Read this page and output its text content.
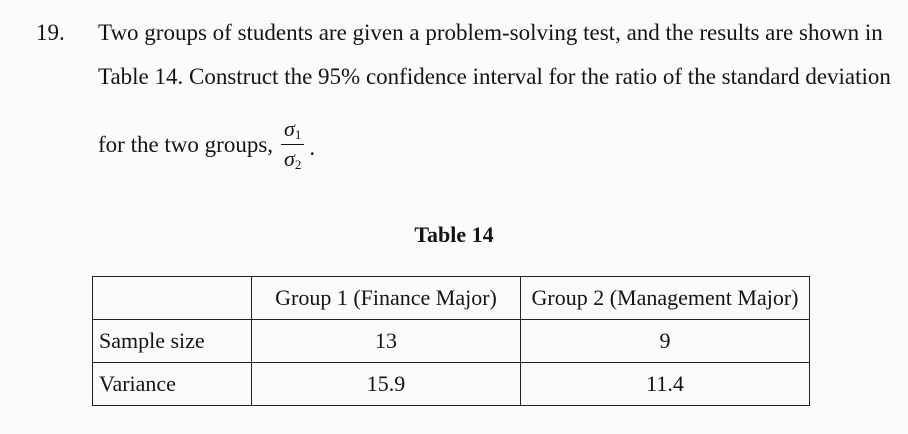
19. Two groups of students are given a problem-solving test, and the results are shown in
Table 14. Construct the 95% confidence interval for the ratio of the standard deviation
for the two groups, $\frac{\sigma_1}{\sigma_2}$ .
Table 14
	Group 1 (Finance Major)	Group 2 (Management Major)
Sample size	13	9
Variance	15.9	11.4
